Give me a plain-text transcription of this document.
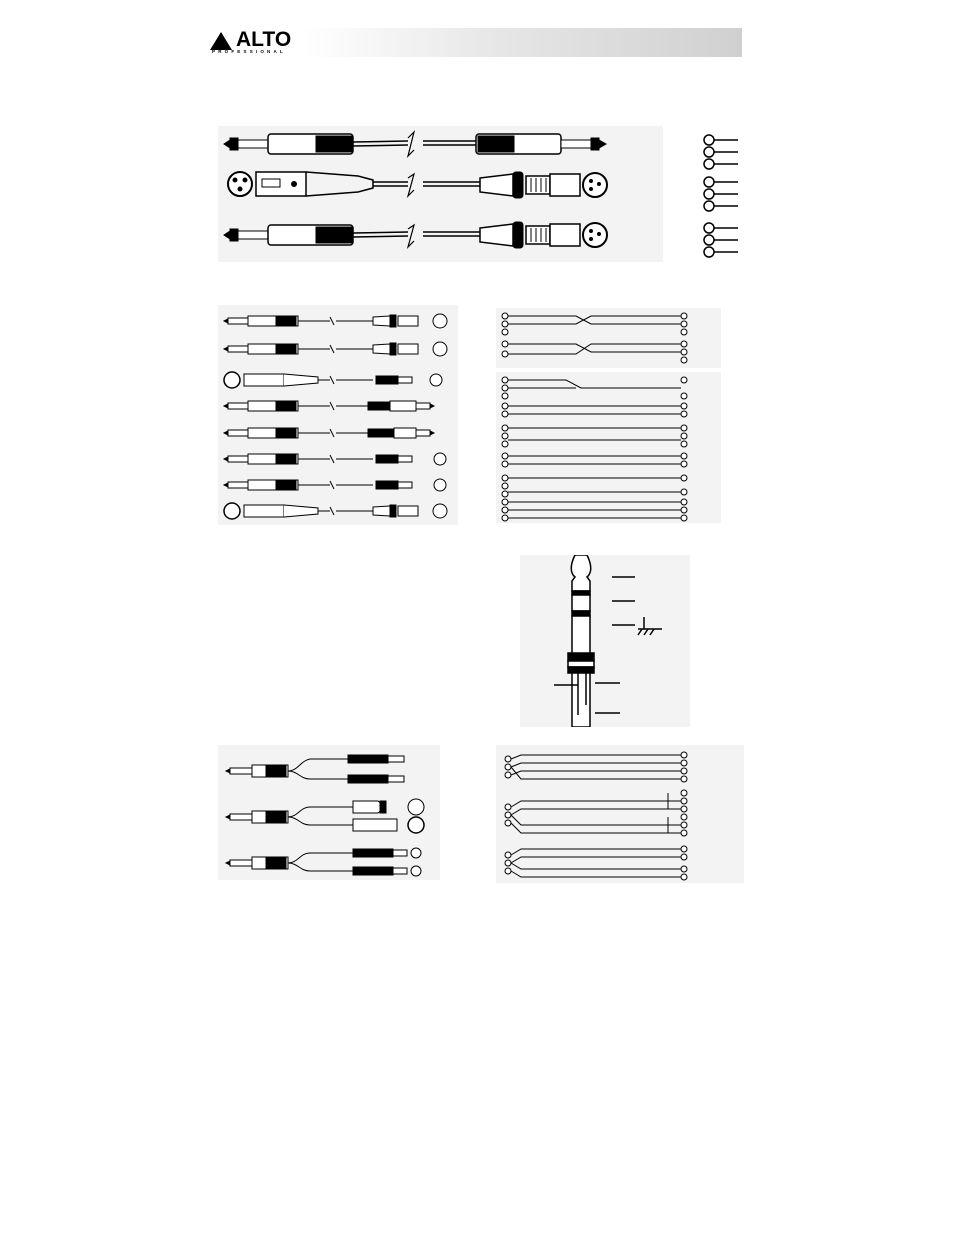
ALTO
PROFESSIONAL
